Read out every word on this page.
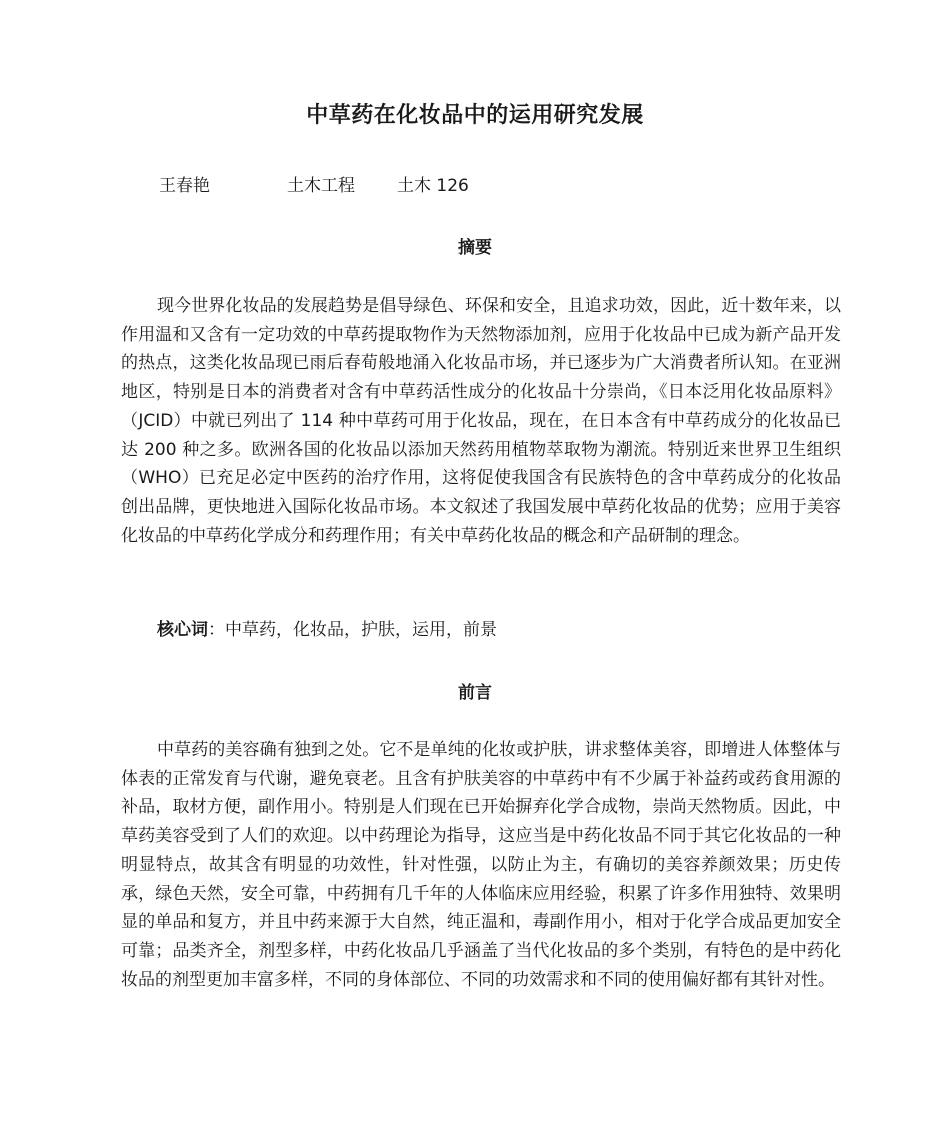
中草药在化妆品中的运用研究发展
王春艳	土木工程 土木 126
摘要

现今世界化妆品的发展趋势是倡导绿色、环保和安全，且追求功效，因此，近十数年来，以作用温和又含有一定功效的中草药提取物作为天然物添加剂，应用于化妆品中已成为新产品开发的热点，这类化妆品现已雨后春荀般地涌入化妆品市场，并已逐步为广大消费者所认知。在亚洲地区，特别是日本的消费者对含有中草药活性成分的化妆品十分崇尚，《日本泛用化妆品原料》（JCID）中就已列出了 114 种中草药可用于化妆品，现在，在日本含有中草药成分的化妆品已达 200 种之多。欧洲各国的化妆品以添加天然药用植物萃取物为潮流。特别近来世界卫生组织（WHO）已充足必定中医药的治疗作用，这将促使我国含有民族特色的含中草药成分的化妆品创出品牌，更快地进入国际化妆品市场。本文叙述了我国发展中草药化妆品的优势；应用于美容化妆品的中草药化学成分和药理作用；有关中草药化妆品的概念和产品研制的理念。

核心词：中草药，化妆品，护肤，运用，前景
前言

中草药的美容确有独到之处。它不是单纯的化妆或护肤，讲求整体美容，即增进人体整体与体表的正常发育与代谢，避免衰老。且含有护肤美容的中草药中有不少属于补益药或药食用源的补品，取材方便，副作用小。特别是人们现在已开始摒弃化学合成物，崇尚天然物质。因此，中草药美容受到了人们的欢迎。以中药理论为指导，这应当是中药化妆品不同于其它化妆品的一种明显特点，故其含有明显的功效性，针对性强，以防止为主，有确切的美容养颜效果；历史传承，绿色天然，安全可靠，中药拥有几千年的人体临床应用经验，积累了许多作用独特、效果明显的单品和复方，并且中药来源于大自然，纯正温和，毒副作用小，相对于化学合成品更加安全可靠；品类齐全，剂型多样，中药化妆品几乎涵盖了当代化妆品的多个类别，有特色的是中药化妆品的剂型更加丰富多样，不同的身体部位、不同的功效需求和不同的使用偏好都有其针对性。
